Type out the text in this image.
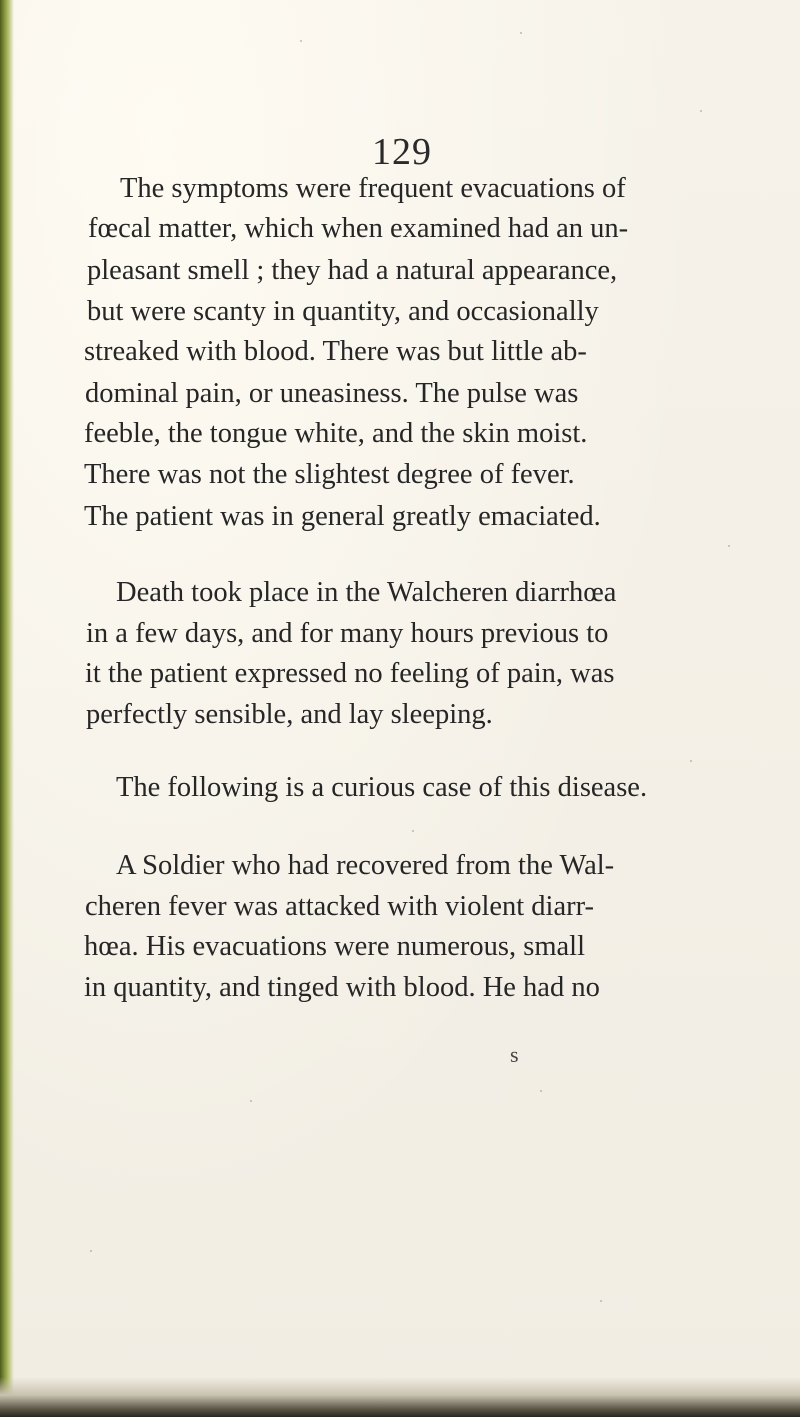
129
The symptoms were frequent evacuations of
fœcal matter, which when examined had an un-
pleasant smell ; they had a natural appearance,
but were scanty in quantity, and occasionally
streaked with blood. There was but little ab-
dominal pain, or uneasiness. The pulse was
feeble, the tongue white, and the skin moist.
There was not the slightest degree of fever.
The patient was in general greatly emaciated.
Death took place in the Walcheren diarrhœa
in a few days, and for many hours previous to
it the patient expressed no feeling of pain, was
perfectly sensible, and lay sleeping.
The following is a curious case of this disease.
A Soldier who had recovered from the Wal-
cheren fever was attacked with violent diarr-
hœa. His evacuations were numerous, small
in quantity, and tinged with blood. He had no
s
